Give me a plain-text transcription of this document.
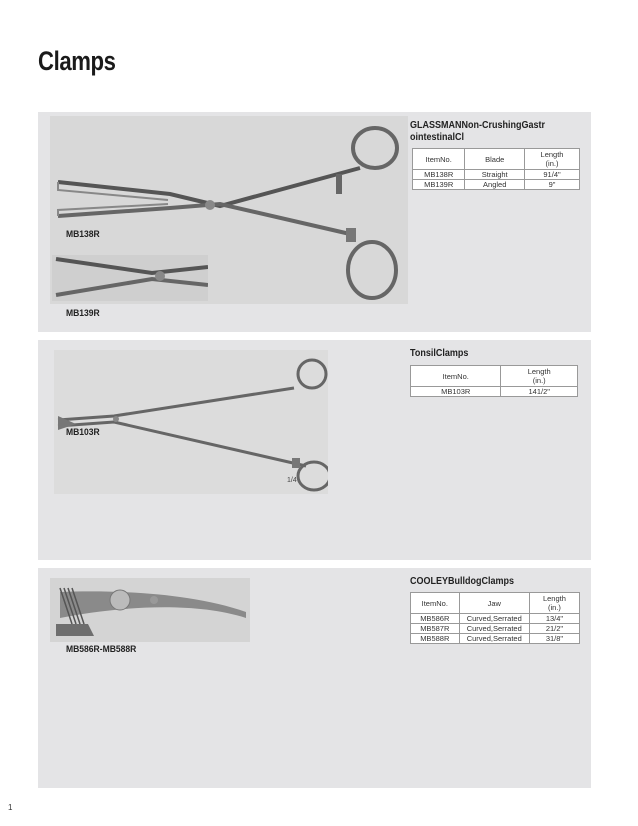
Clamps
MB138R
MB139R
GLASSMANNon-CrushingGastrointestinalCl
ItemNo.	Blade	Length (in.)
MB138R	Straight	91/4"
MB139R	Angled	9"
MB103R
1/4
TonsilClamps
ItemNo.	Length (in.)
MB103R	141/2"
MB586R-MB588R
COOLEYBulldogClamps
ItemNo.	Jaw	Length (in.)
MB586R	Curved,Serrated	13/4"
MB587R	Curved,Serrated	21/2"
MB588R	Curved,Serrated	31/8"
1
